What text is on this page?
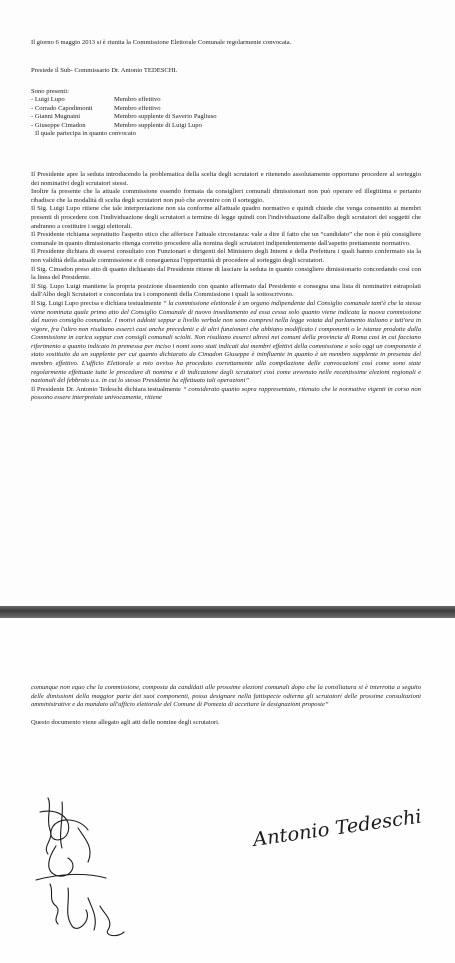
Il giorno 6 maggio 2013 si è riunita la Commissione Elettorale Comunale regolarmente convocata.

Presiede il Sub- Commissario Dr. Antonio TEDESCHI.

Sono presenti:
- Luigi Lupo	Membro effettivo
- Corrado Capodimonti	Membro effettivo
- Gianni Mugnaini	Membro supplente di Saverio Pagliuso
- Giuseppe Cimadon	Membro supplente di Luigi Lupo
Il quale partecipa in quanto convocato

Il Presidente apre la seduta introducendo la problematica della scelta degli scrutatori e ritenendo assolutamente opportuno procedere al sorteggio dei nominativi degli scrutatori stessi.

Inoltre fa presente che la attuale commissione essendo formata da consiglieri comunali dimissionari non può operare ed illegittima e pertanto ribadisce che la modalità di scelta degli scrutatori non può che avvenire con il sorteggio.

Il Sig. Luigi Lupo ritiene che tale interpretazione non sia conforme all'attuale quadro normativo e quindi chiede che venga consentito ai membri presenti di procedere con l'individuazione degli scrutatori a termine di legge quindi con l'individuazione dall'albo degli scrutatori dei soggetti che andranno a costituire i seggi elettorali.

Il Presidente richiama soprattutto l'aspetto etico che afferisce l'attuale circostanza: vale a dire il fatto che un “candidato” che non è più consigliere comunale in quanto dimissionario ritenga corretto procedere alla nomina degli scrutatori indipendentemente dall'aspetto prettamente normativo.

Il Presidente dichiara di essersi consultato con Funzionari e dirigenti del Ministero degli Interni e della Prefettura i quali hanno confermato sia la non validità della attuale commissione e di conseguenza l'opportunità di procedere al sorteggio degli scrutatori.

Il Sig. Cimadon preso atto di quanto dichiarato dal Presidente ritiene di lasciare la seduta in quanto consigliere dimissionario concordando così con la linea del Presidente.

Il Sig. Lupo Luigi mantiene la propria posizione dissentendo con quanto affermato dal Presidente e consegna una lista di nominativi estrapolati dall'Albo degli Scrutatori e concordata tra i componenti della Commissione i quali la sottoscrivono.

Il Sig. Luigi Lupo precisa e dichiara testualmente “ la commissione elettorale è un organo indipendente dal Consiglio comunale tant'è che la stessa viene nominata quale primo atto del Consiglio Comunale di nuovo insediamento ed essa cessa solo quanto viene indicata la nuova commissione dal nuovo consiglio comunale. I motivi addotti seppur a livello verbale non sono compresi nella legge votata dal parlamento italiano e tutt'ora in vigore, fra l'altro non risultano esserci casi anche precedenti e di altri funzionari che abbiano modificato i componenti o le istanze prodotte dalla Commissione in carica seppur con consigli comunali sciolti. Non risultano esserci altresì nei comuni della provincia di Roma casi in cui facciano riferimento a quanto indicato in premessa per inciso i nomi sono stati indicati dai membri effettivi della commissione e solo oggi un componente è stato sostituito da un supplente per cui quanto dichiarato da Cimadon Giuseppe è ininfluente in quanto è un membro supplente in presenza del membro effettivo. L'ufficio Elettorale a mio avviso ha proceduto correttamente alla compilazione delle convocazioni così come sono state regolarmente effettuate tutte le procedure di nomina e di indicazione degli scrutatori così come avvenuto nelle recentissime elezioni regionali e nazionali del febbraio u.s. in cui lo stesso Presidente ha effettuato tali operazioni”

Il Presidente Dr. Antonio Tedeschi dichiara testualmente “ considerato quanto sopra rappresentato, ritenuto che le normative vigenti in corso non possono essere interpretate univocamente, ritiene

comunque non equo che la commissione, composta da candidati alle prossime elezioni comunali dopo che la consiliatura si è interrotta a seguito delle dimissioni della maggior parte dei suoi componenti, possa designare nella fattispecie odierna gli scrutatori delle prossime consultazioni amministrative e da mandato all'ufficio elettorale del Comune di Pomezia di accettare le designazioni proposte”

Questo documento viene allegato agli atti delle nomine degli scrutatori.

Antonio Tedeschi
